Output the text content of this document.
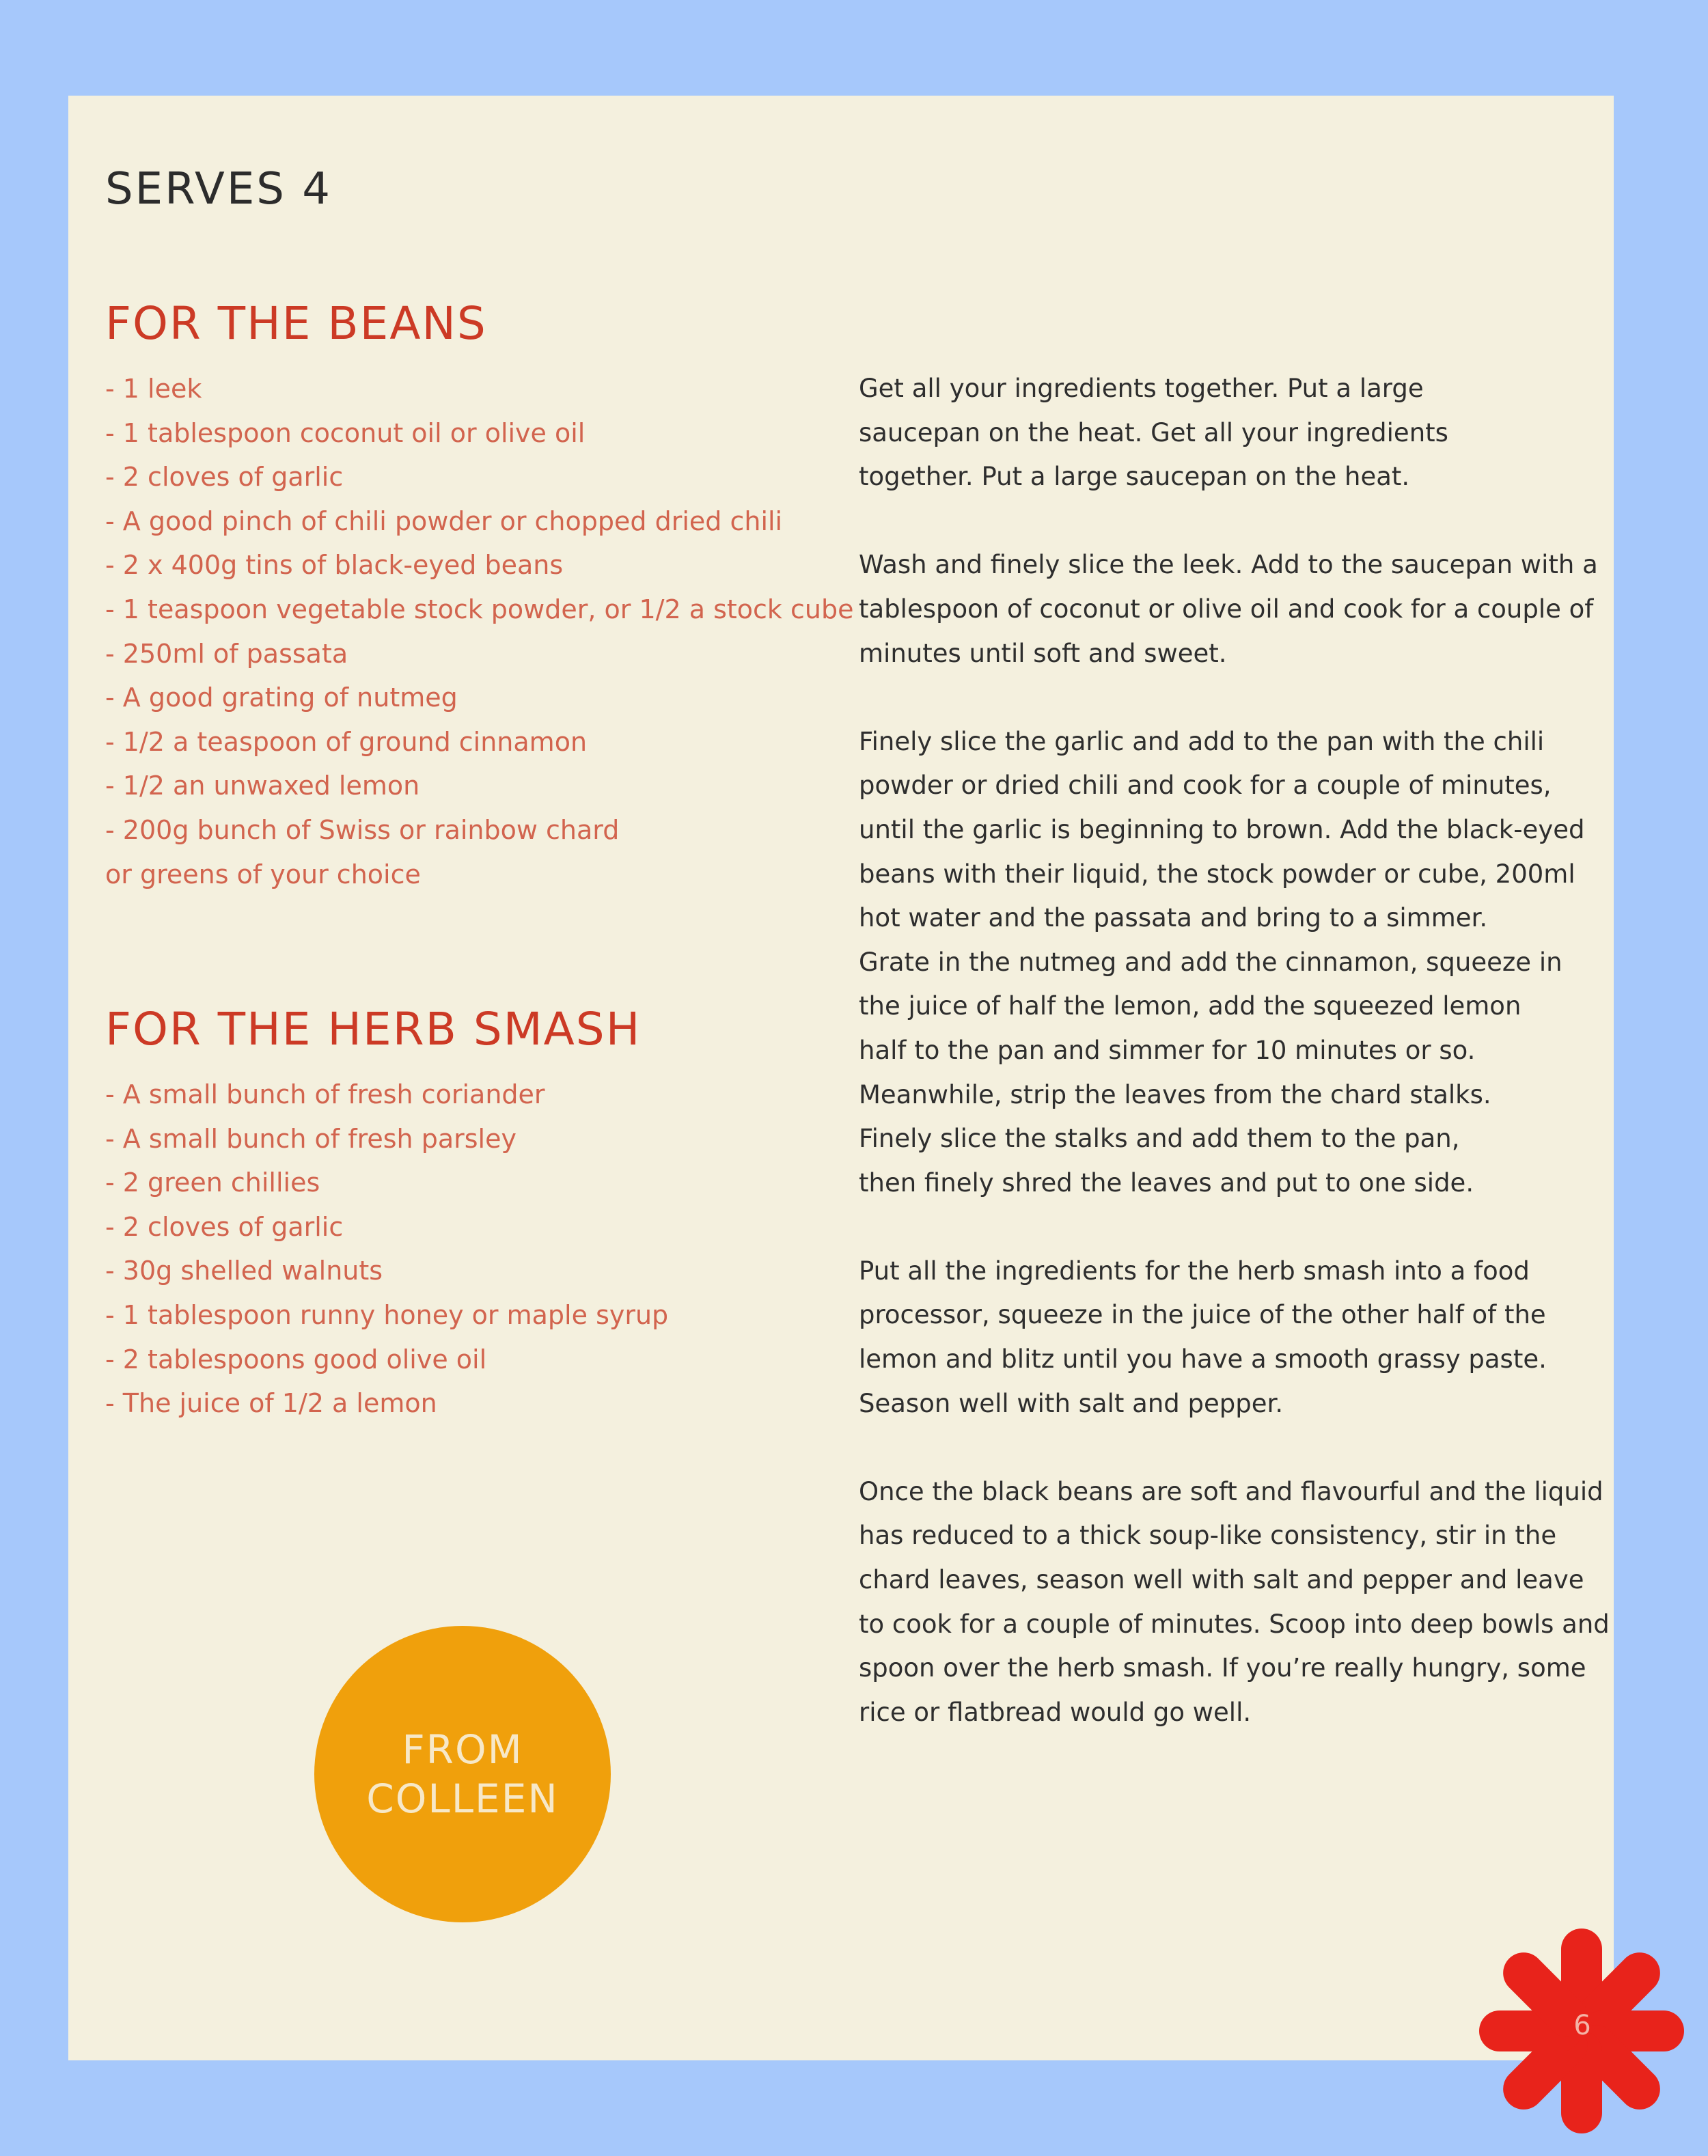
SERVES 4
FOR THE BEANS
- 1 leek
- 1 tablespoon coconut oil or olive oil
- 2 cloves of garlic
- A good pinch of chili powder or chopped dried chili
- 2 x 400g tins of black-eyed beans
- 1 teaspoon vegetable stock powder, or 1/2 a stock cube
- 250ml of passata
- A good grating of nutmeg
- 1/2 a teaspoon of ground cinnamon
- 1/2 an unwaxed lemon
- 200g bunch of Swiss or rainbow chard
or greens of your choice
FOR THE HERB SMASH
- A small bunch of fresh coriander
- A small bunch of fresh parsley
- 2 green chillies
- 2 cloves of garlic
- 30g shelled walnuts
- 1 tablespoon runny honey or maple syrup
- 2 tablespoons good olive oil
- The juice of 1/2 a lemon

Get all your ingredients together. Put a large
saucepan on the heat. Get all your ingredients
together. Put a large saucepan on the heat.

Wash and finely slice the leek. Add to the saucepan with a
tablespoon of coconut or olive oil and cook for a couple of
minutes until soft and sweet.

Finely slice the garlic and add to the pan with the chili
powder or dried chili and cook for a couple of minutes,
until the garlic is beginning to brown. Add the black-eyed
beans with their liquid, the stock powder or cube, 200ml
hot water and the passata and bring to a simmer.
Grate in the nutmeg and add the cinnamon, squeeze in
the juice of half the lemon, add the squeezed lemon
half to the pan and simmer for 10 minutes or so.
Meanwhile, strip the leaves from the chard stalks.
Finely slice the stalks and add them to the pan,
then finely shred the leaves and put to one side.

Put all the ingredients for the herb smash into a food
processor, squeeze in the juice of the other half of the
lemon and blitz until you have a smooth grassy paste.
Season well with salt and pepper.

Once the black beans are soft and flavourful and the liquid
has reduced to a thick soup-like consistency, stir in the
chard leaves, season well with salt and pepper and leave
to cook for a couple of minutes. Scoop into deep bowls and
spoon over the herb smash. If you’re really hungry, some
rice or flatbread would go well.

FROM
COLLEEN
6
